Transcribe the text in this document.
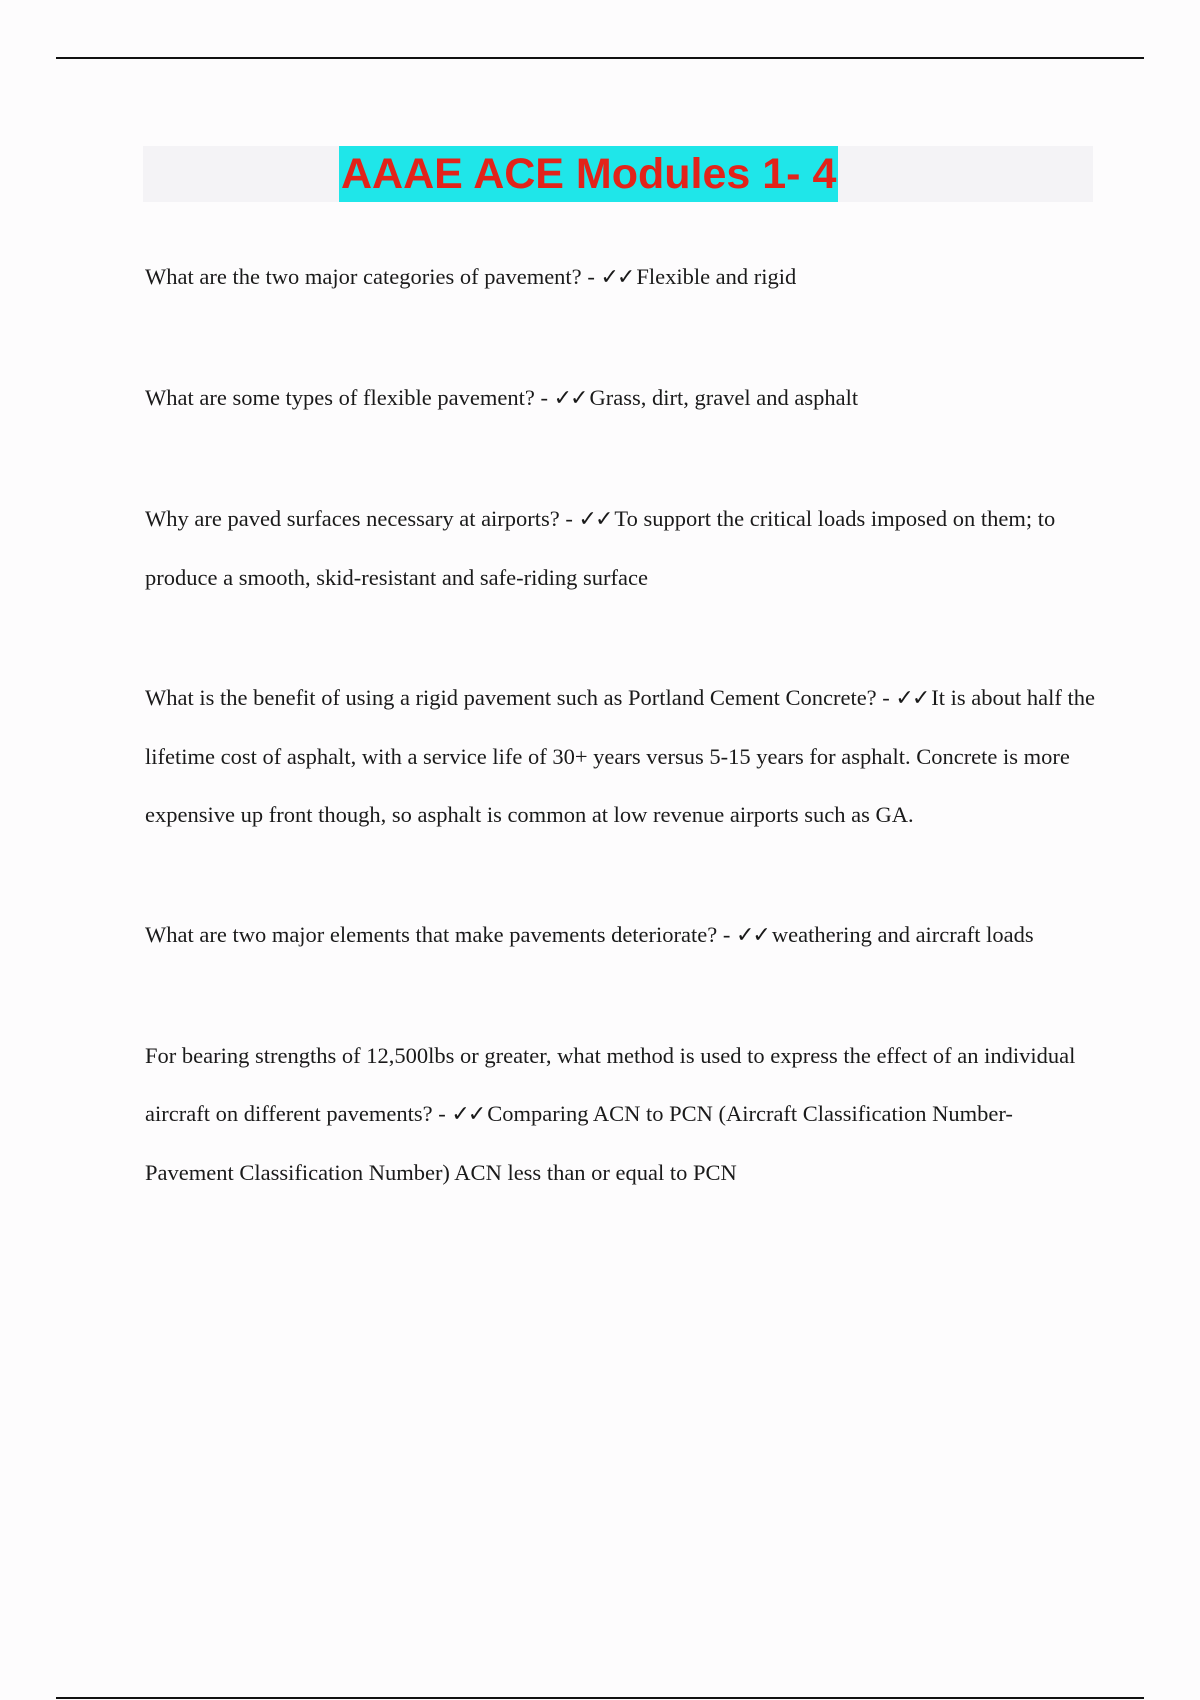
AAAE ACE Modules 1- 4

What are the two major categories of pavement? - ✓✓ Flexible and rigid

What are some types of flexible pavement? - ✓✓ Grass, dirt, gravel and asphalt

Why are paved surfaces necessary at airports? - ✓✓ To support the critical loads imposed on them; to produce a smooth, skid-resistant and safe-riding surface

What is the benefit of using a rigid pavement such as Portland Cement Concrete? - ✓✓ It is about half the lifetime cost of asphalt, with a service life of 30+ years versus 5-15 years for asphalt. Concrete is more expensive up front though, so asphalt is common at low revenue airports such as GA.

What are two major elements that make pavements deteriorate? - ✓✓ weathering and aircraft loads

For bearing strengths of 12,500lbs or greater, what method is used to express the effect of an individual aircraft on different pavements? - ✓✓ Comparing ACN to PCN (Aircraft Classification Number-Pavement Classification Number) ACN less than or equal to PCN
